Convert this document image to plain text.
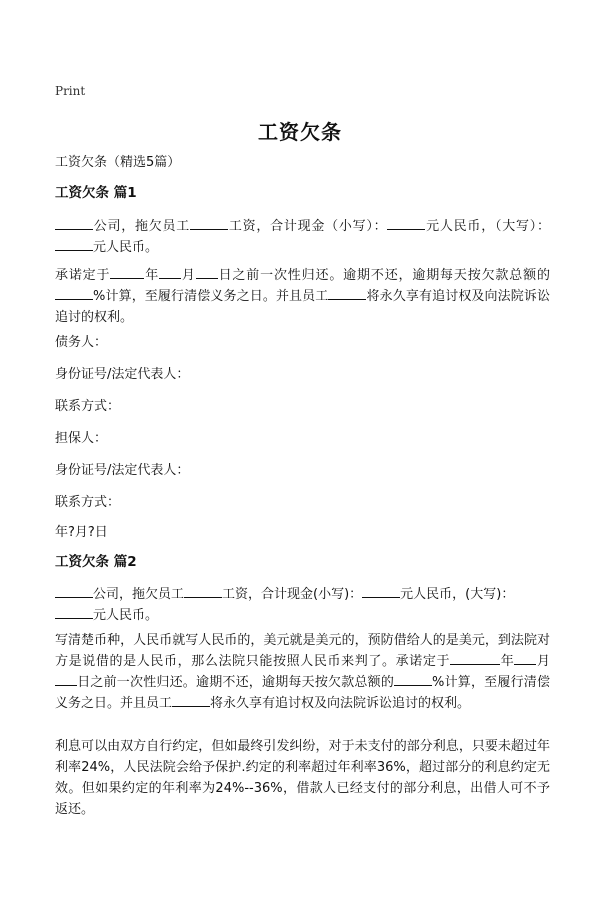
Print
工资欠条
工资欠条（精选5篇）
工资欠条 篇1
公司，拖欠员工	工资，合计现金（小写）：	元人民币，（大写）：元人民币。
承诺定于	年 月 日之前一次性归还。逾期不还，逾期每天按欠款总额的%计算，至履行清偿义务之日。并且员工	将永久享有追讨权及向法院诉讼追讨的权利。
债务人：
身份证号/法定代表人：
联系方式：
担保人：
身份证号/法定代表人：
联系方式：
年?月?日
工资欠条 篇2
公司，拖欠员工	工资，合计现金(小写)：	元人民币，(大写)：
元人民币。
写清楚币种，人民币就写人民币的，美元就是美元的，预防借给人的是美元，到法院对方是说借的是人民币，那么法院只能按照人民币来判了。承诺定于	年 月日之前一次性归还。逾期不还，逾期每天按欠款总额的	%计算，至履行清偿义务之日。并且员工	将永久享有追讨权及向法院诉讼追讨的权利。
利息可以由双方自行约定，但如最终引发纠纷，对于未支付的部分利息，只要未超过年利率24%，人民法院会给予保护.约定的利率超过年利率36%，超过部分的利息约定无效。但如果约定的年利率为24%--36%，借款人已经支付的部分利息，出借人可不予返还。
